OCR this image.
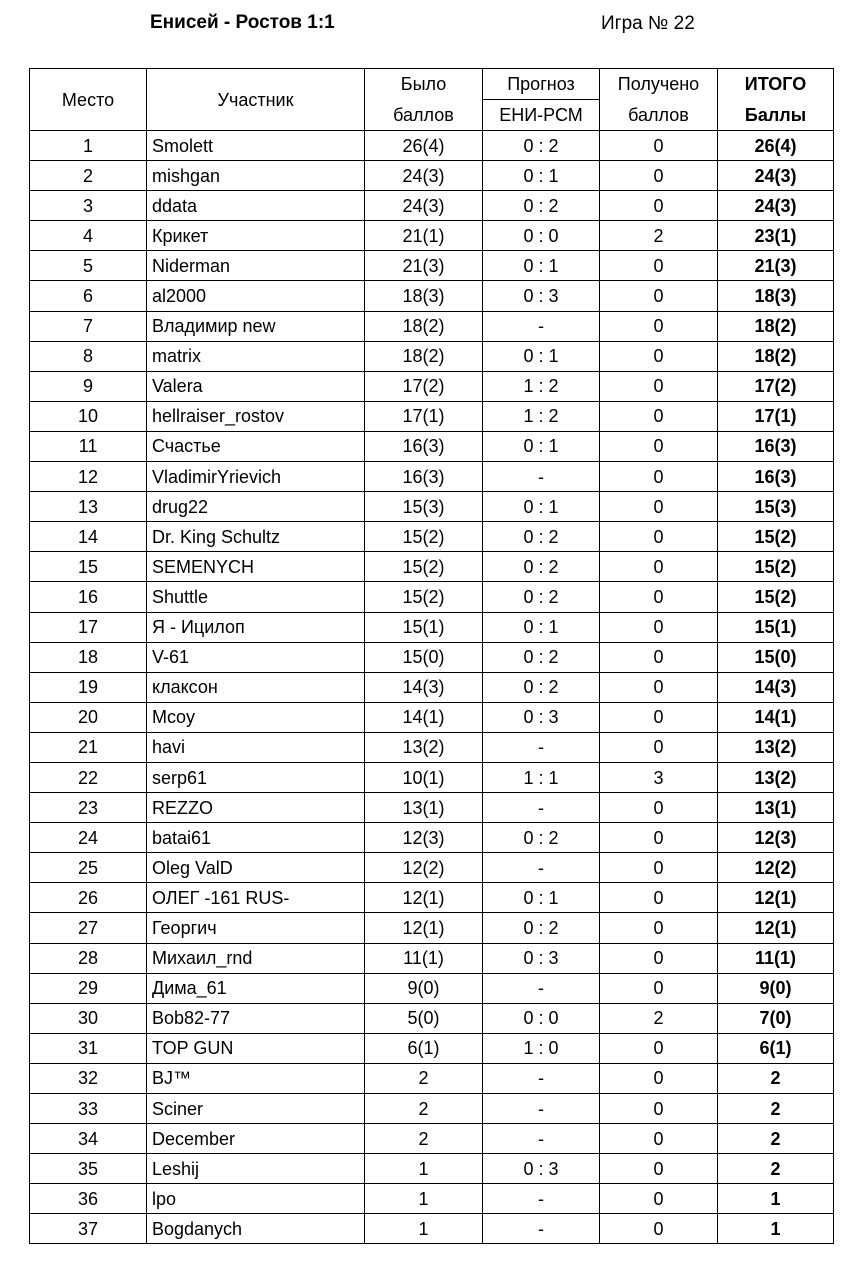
Енисей - Ростов 1:1	Игра № 22
Место	Участник	Было	Прогноз	Получено	ИТОГО
		баллов	ЕНИ-РСМ	баллов	Баллы
1	Smolett	26(4)	0 : 2	0	26(4)
2	mishgan	24(3)	0 : 1	0	24(3)
3	ddata	24(3)	0 : 2	0	24(3)
4	Крикет	21(1)	0 : 0	2	23(1)
5	Niderman	21(3)	0 : 1	0	21(3)
6	al2000	18(3)	0 : 3	0	18(3)
7	Владимир new	18(2)	-	0	18(2)
8	matrix	18(2)	0 : 1	0	18(2)
9	Valera	17(2)	1 : 2	0	17(2)
10	hellraiser_rostov	17(1)	1 : 2	0	17(1)
11	Счастье	16(3)	0 : 1	0	16(3)
12	VladimirYrievich	16(3)	-	0	16(3)
13	drug22	15(3)	0 : 1	0	15(3)
14	Dr. King Schultz	15(2)	0 : 2	0	15(2)
15	SEMENYCH	15(2)	0 : 2	0	15(2)
16	Shuttle	15(2)	0 : 2	0	15(2)
17	Я - Ицилоп	15(1)	0 : 1	0	15(1)
18	V-61	15(0)	0 : 2	0	15(0)
19	клаксон	14(3)	0 : 2	0	14(3)
20	Mcoy	14(1)	0 : 3	0	14(1)
21	havi	13(2)	-	0	13(2)
22	serp61	10(1)	1 : 1	3	13(2)
23	REZZO	13(1)	-	0	13(1)
24	batai61	12(3)	0 : 2	0	12(3)
25	Oleg ValD	12(2)	-	0	12(2)
26	ОЛЕГ -161 RUS-	12(1)	0 : 1	0	12(1)
27	Георгич	12(1)	0 : 2	0	12(1)
28	Михаил_rnd	11(1)	0 : 3	0	11(1)
29	Дима_61	9(0)	-	0	9(0)
30	Bob82-77	5(0)	0 : 0	2	7(0)
31	TOP GUN	6(1)	1 : 0	0	6(1)
32	BJ™	2	-	0	2
33	Sciner	2	-	0	2
34	December	2	-	0	2
35	Leshij	1	0 : 3	0	2
36	lpo	1	-	0	1
37	Bogdanych	1	-	0	1
